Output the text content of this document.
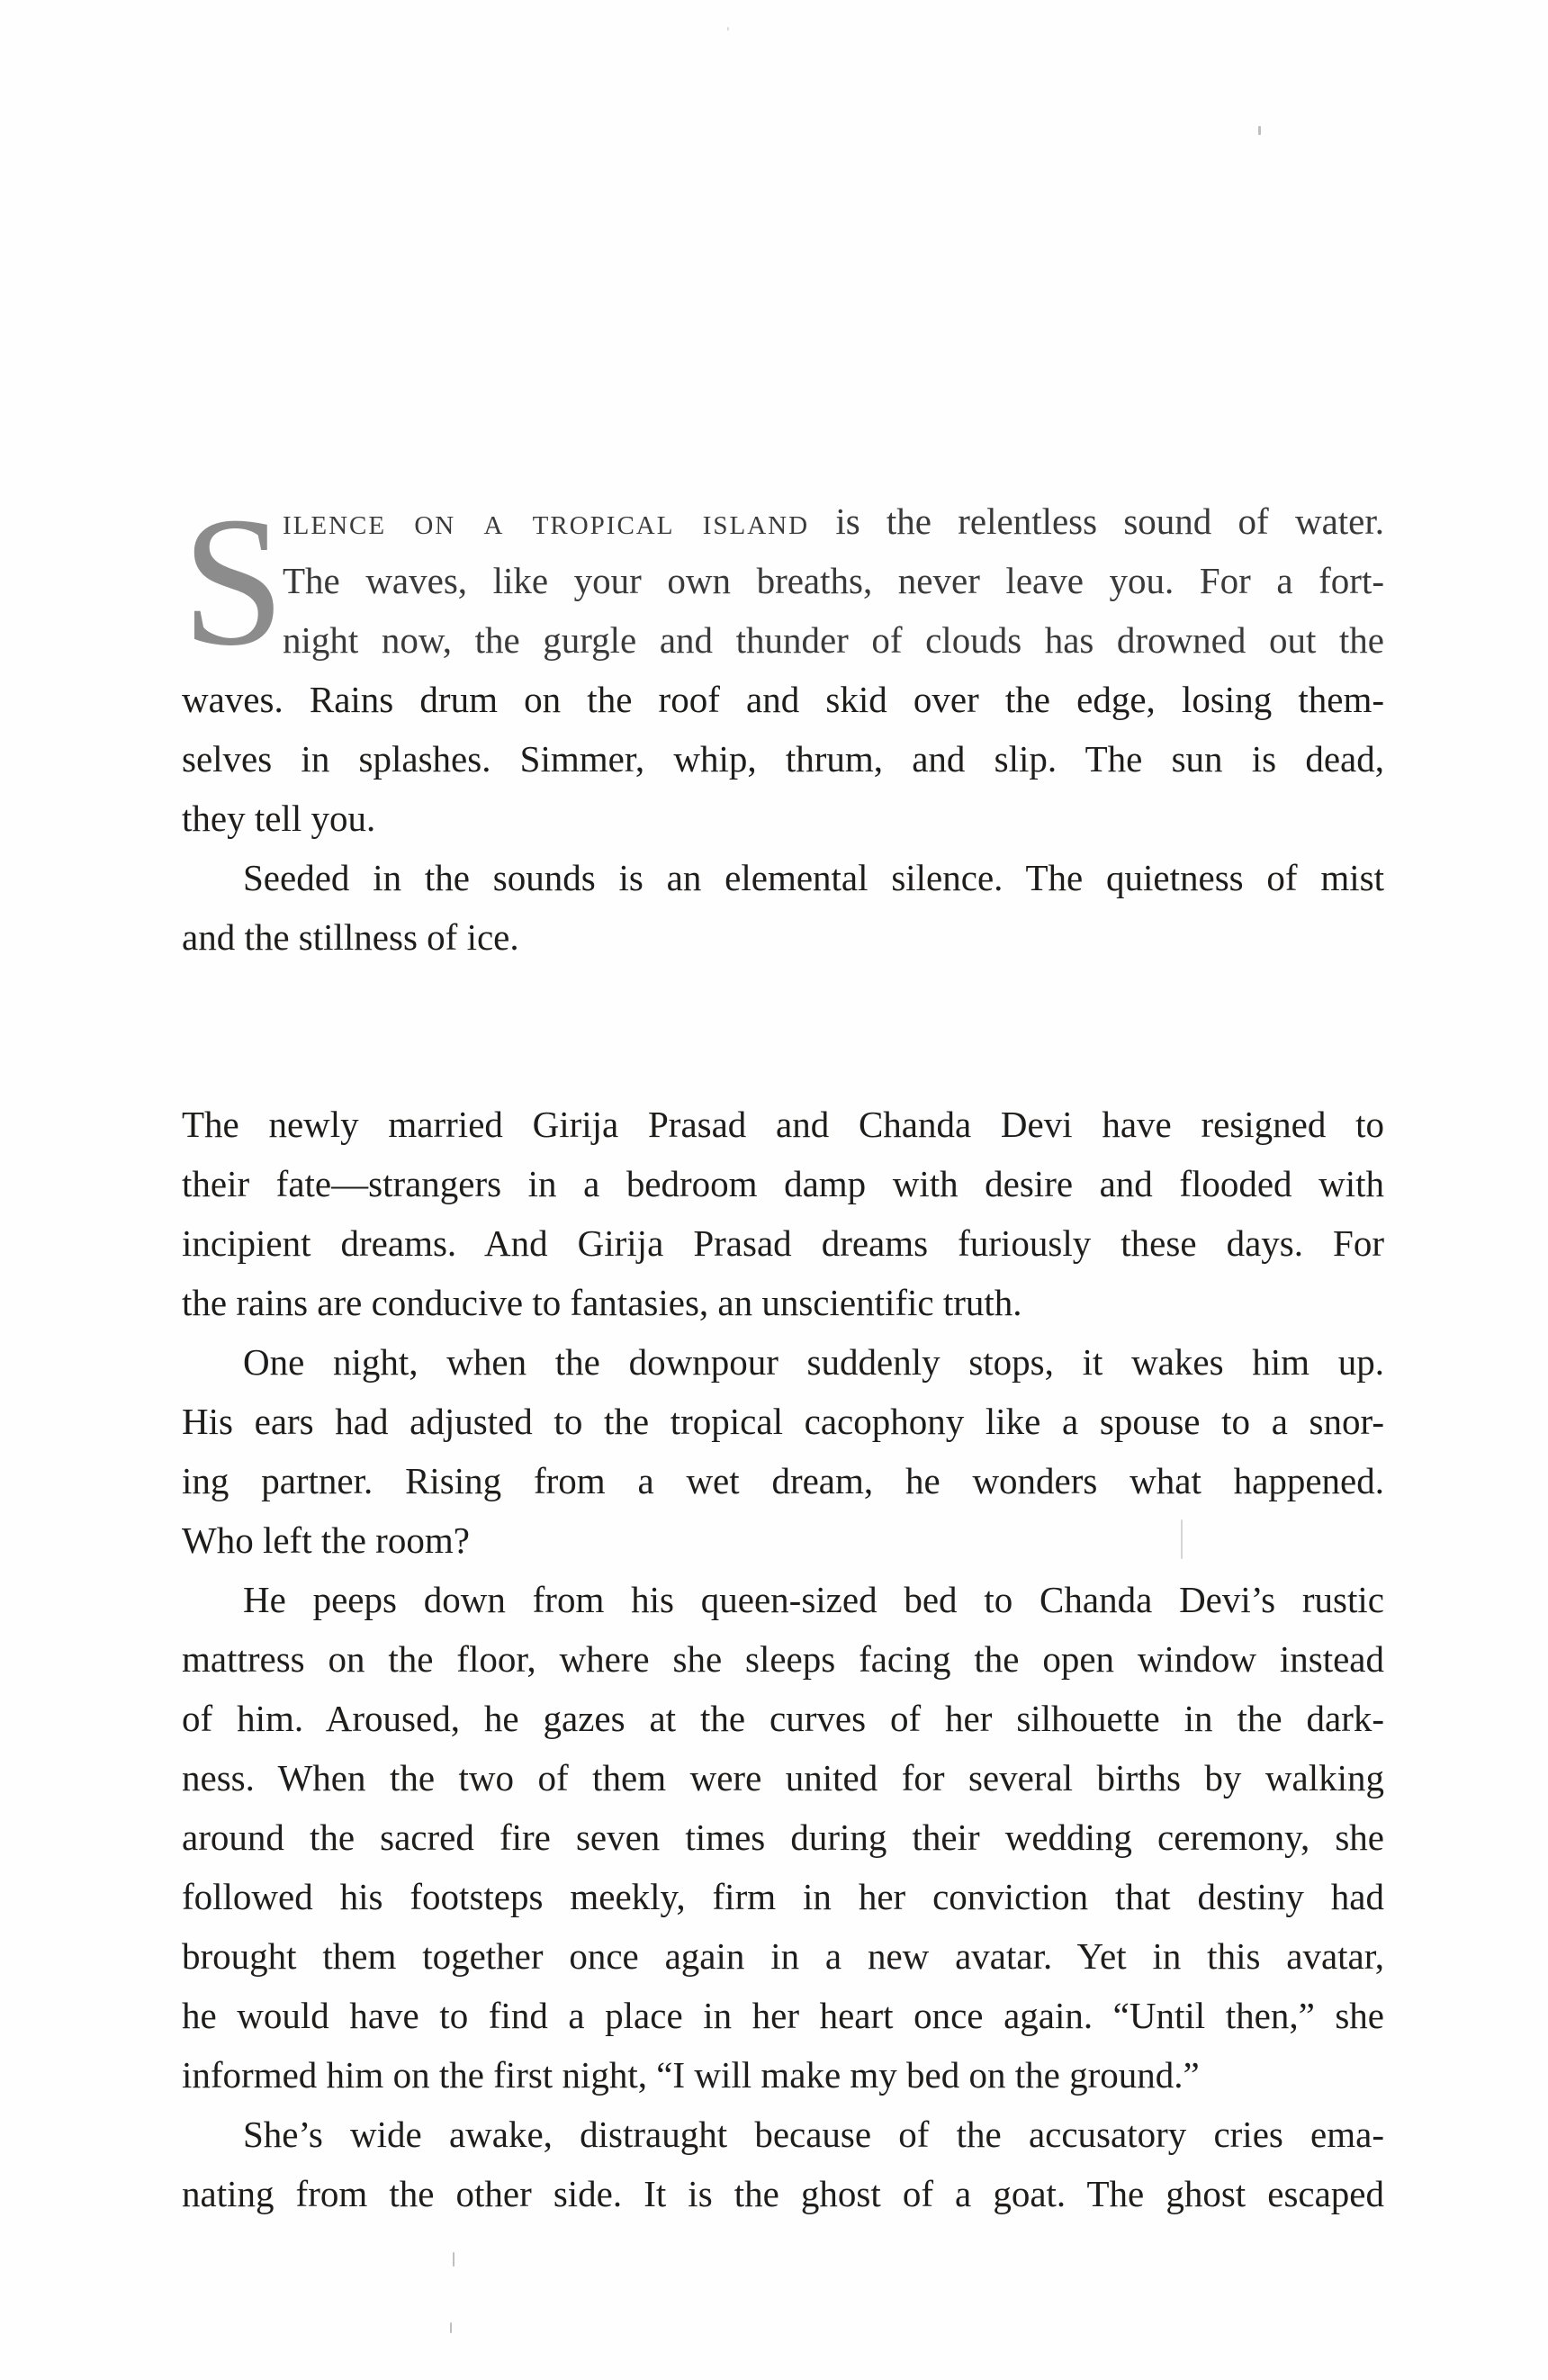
S
ilence on a tropical island is the relentless sound of water.
The waves, like your own breaths, never leave you. For a fort-
night now, the gurgle and thunder of clouds has drowned out the
waves. Rains drum on the roof and skid over the edge, losing them-
selves in splashes. Simmer, whip, thrum, and slip. The sun is dead,
they tell you.
Seeded in the sounds is an elemental silence. The quietness of mist
and the stillness of ice.
The newly married Girija Prasad and Chanda Devi have resigned to
their fate—strangers in a bedroom damp with desire and flooded with
incipient dreams. And Girija Prasad dreams furiously these days. For
the rains are conducive to fantasies, an unscientific truth.
One night, when the downpour suddenly stops, it wakes him up.
His ears had adjusted to the tropical cacophony like a spouse to a snor-
ing partner. Rising from a wet dream, he wonders what happened.
Who left the room?
He peeps down from his queen-sized bed to Chanda Devi’s rustic
mattress on the floor, where she sleeps facing the open window instead
of him. Aroused, he gazes at the curves of her silhouette in the dark-
ness. When the two of them were united for several births by walking
around the sacred fire seven times during their wedding ceremony, she
followed his footsteps meekly, firm in her conviction that destiny had
brought them together once again in a new avatar. Yet in this avatar,
he would have to find a place in her heart once again. “Until then,” she
informed him on the first night, “I will make my bed on the ground.”
She’s wide awake, distraught because of the accusatory cries ema-
nating from the other side. It is the ghost of a goat. The ghost escaped
